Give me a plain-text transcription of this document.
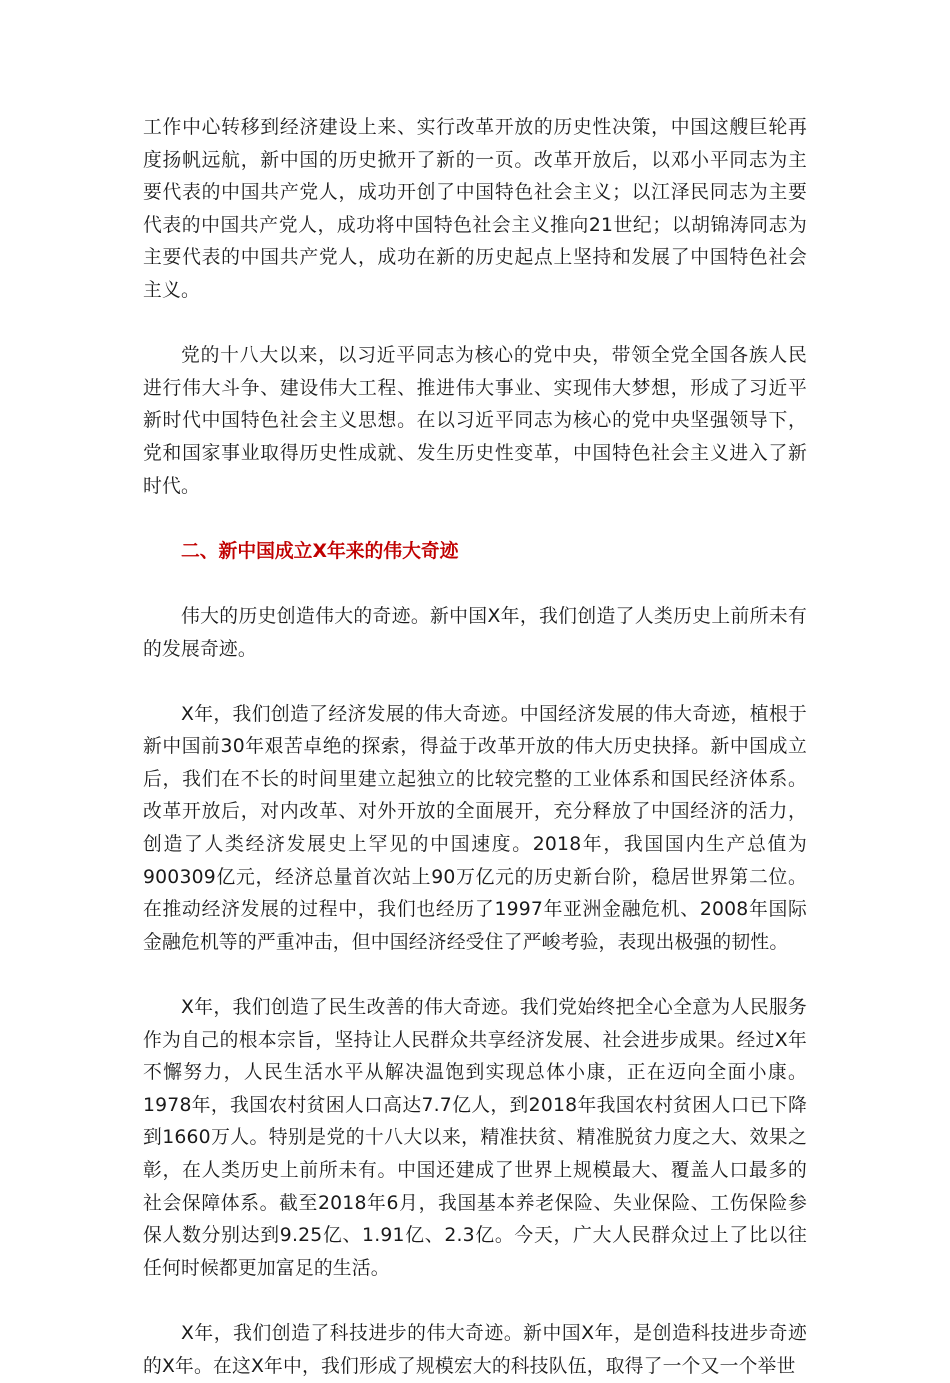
工作中心转移到经济建设上来、实行改革开放的历史性决策，中国这艘巨轮再度扬帆远航，新中国的历史掀开了新的一页。改革开放后，以邓小平同志为主要代表的中国共产党人，成功开创了中国特色社会主义；以江泽民同志为主要代表的中国共产党人，成功将中国特色社会主义推向21世纪；以胡锦涛同志为主要代表的中国共产党人，成功在新的历史起点上坚持和发展了中国特色社会主义。

党的十八大以来，以习近平同志为核心的党中央，带领全党全国各族人民进行伟大斗争、建设伟大工程、推进伟大事业、实现伟大梦想，形成了习近平新时代中国特色社会主义思想。在以习近平同志为核心的党中央坚强领导下，党和国家事业取得历史性成就、发生历史性变革，中国特色社会主义进入了新时代。

二、新中国成立X年来的伟大奇迹

伟大的历史创造伟大的奇迹。新中国X年，我们创造了人类历史上前所未有的发展奇迹。

X年，我们创造了经济发展的伟大奇迹。中国经济发展的伟大奇迹，植根于新中国前30年艰苦卓绝的探索，得益于改革开放的伟大历史抉择。新中国成立后，我们在不长的时间里建立起独立的比较完整的工业体系和国民经济体系。改革开放后，对内改革、对外开放的全面展开，充分释放了中国经济的活力，创造了人类经济发展史上罕见的中国速度。2018年，我国国内生产总值为900309亿元，经济总量首次站上90万亿元的历史新台阶，稳居世界第二位。在推动经济发展的过程中，我们也经历了1997年亚洲金融危机、2008年国际金融危机等的严重冲击，但中国经济经受住了严峻考验，表现出极强的韧性。

X年，我们创造了民生改善的伟大奇迹。我们党始终把全心全意为人民服务作为自己的根本宗旨，坚持让人民群众共享经济发展、社会进步成果。经过X年不懈努力，人民生活水平从解决温饱到实现总体小康，正在迈向全面小康。1978年，我国农村贫困人口高达7.7亿人，到2018年我国农村贫困人口已下降到1660万人。特别是党的十八大以来，精准扶贫、精准脱贫力度之大、效果之彰，在人类历史上前所未有。中国还建成了世界上规模最大、覆盖人口最多的社会保障体系。截至2018年6月，我国基本养老保险、失业保险、工伤保险参保人数分别达到9.25亿、1.91亿、2.3亿。今天，广大人民群众过上了比以往任何时候都更加富足的生活。

X年，我们创造了科技进步的伟大奇迹。新中国X年，是创造科技进步奇迹的X年。在这X年中，我们形成了规模宏大的科技队伍，取得了一个又一个举世
